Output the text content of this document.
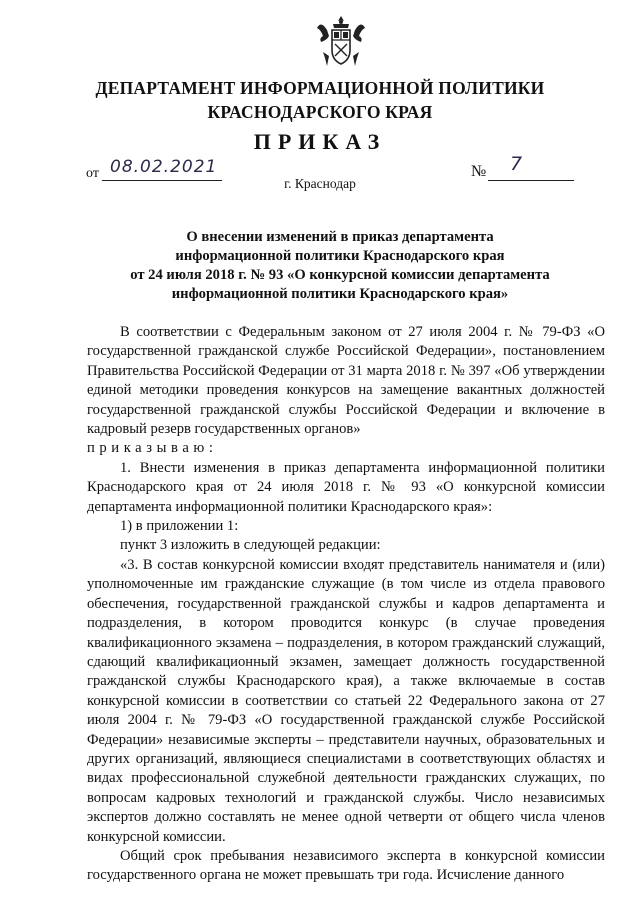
ДЕПАРТАМЕНТ ИНФОРМАЦИОННОЙ ПОЛИТИКИ
КРАСНОДАРСКОГО КРАЯ
ПРИКАЗ
от 08.02.2021	№ 7
г. Краснодар
О внесении изменений в приказ департамента
информационной политики Краснодарского края
от 24 июля 2018 г. № 93 «О конкурсной комиссии департамента
информационной политики Краснодарского края»

В соответствии с Федеральным законом от 27 июля 2004 г. № 79-ФЗ «О государственной гражданской службе Российской Федерации», постановлением Правительства Российской Федерации от 31 марта 2018 г. № 397 «Об утверждении единой методики проведения конкурсов на замещение вакантных должностей государственной гражданской службы Российской Федерации и включение в кадровый резерв государственных органов»

приказываю:

1. Внести изменения в приказ департамента информационной политики Краснодарского края от 24 июля 2018 г. № 93 «О конкурсной комиссии департамента информационной политики Краснодарского края»:

1) в приложении 1:

пункт 3 изложить в следующей редакции:

«3. В состав конкурсной комиссии входят представитель нанимателя и (или) уполномоченные им гражданские служащие (в том числе из отдела правового обеспечения, государственной гражданской службы и кадров департамента и подразделения, в котором проводится конкурс (в случае проведения квалификационного экзамена – подразделения, в котором гражданский служащий, сдающий квалификационный экзамен, замещает должность государственной гражданской службы Краснодарского края), а также включаемые в состав конкурсной комиссии в соответствии со статьей 22 Федерального закона от 27 июля 2004 г. № 79-ФЗ «О государственной гражданской службе Российской Федерации» независимые эксперты – представители научных, образовательных и других организаций, являющиеся специалистами в соответствующих областях и видах профессиональной служебной деятельности гражданских служащих, по вопросам кадровых технологий и гражданской службы. Число независимых экспертов должно составлять не менее одной четверти от общего числа членов конкурсной комиссии.

Общий срок пребывания независимого эксперта в конкурсной комиссии государственного органа не может превышать три года. Исчисление данного
